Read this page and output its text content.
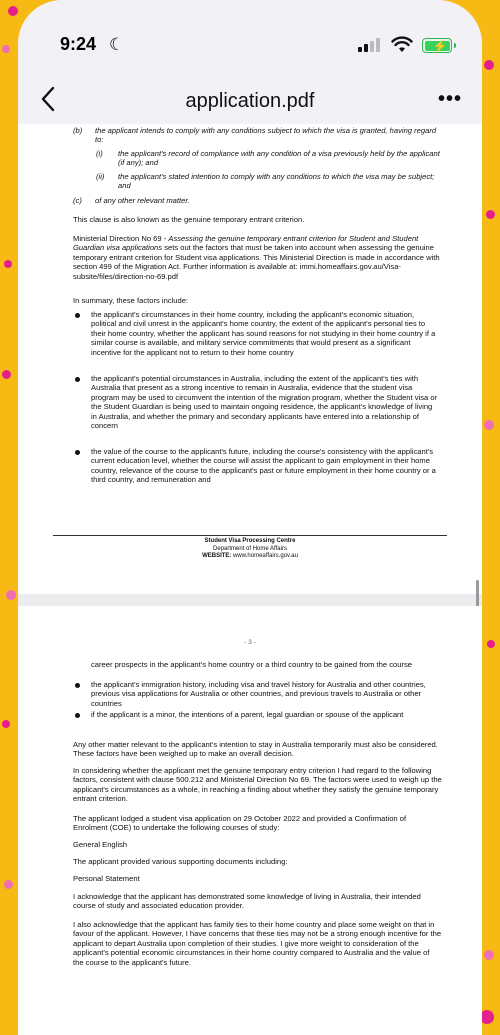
9:24 ☾	⚡
application.pdf	•••
(b) the applicant intends to comply with any conditions subject to which the visa is granted, having regard to:
(i) the applicant's record of compliance with any condition of a visa previously held by the applicant (if any); and
(ii) the applicant's stated intention to comply with any conditions to which the visa may be subject; and
(c) of any other relevant matter.
This clause is also known as the genuine temporary entrant criterion.
Ministerial Direction No 69 - Assessing the genuine temporary entrant criterion for Student and Student Guardian visa applications sets out the factors that must be taken into account when assessing the genuine temporary entrant criterion for Student visa applications. This Ministerial Direction is made in accordance with section 499 of the Migration Act. Further information is available at: immi.homeaffairs.gov.au/Visa-subsite/files/direction-no-69.pdf
In summary, these factors include:
the applicant's circumstances in their home country, including the applicant's economic situation, political and civil unrest in the applicant's home country, the extent of the applicant's personal ties to their home country, whether the applicant has sound reasons for not studying in their home country if a similar course is available, and military service commitments that would present as a significant incentive for the applicant not to return to their home country
the applicant's potential circumstances in Australia, including the extent of the applicant's ties with Australia that present as a strong incentive to remain in Australia, evidence that the student visa program may be used to circumvent the intention of the migration program, whether the Student visa or the Student Guardian is being used to maintain ongoing residence, the applicant's knowledge of living in Australia, and whether the primary and secondary applicants have entered into a relationship of concern
the value of the course to the applicant's future, including the course's consistency with the applicant's current education level, whether the course will assist the applicant to gain employment in their home country, relevance of the course to the applicant's past or future employment in their home country or a third country, and remuneration and
Student Visa Processing Centre
Department of Home Affairs
WEBSITE: www.homeaffairs.gov.au
- 3 -
career prospects in the applicant's home country or a third country to be gained from the course
the applicant's immigration history, including visa and travel history for Australia and other countries, previous visa applications for Australia or other countries, and previous travels to Australia or other countries
if the applicant is a minor, the intentions of a parent, legal guardian or spouse of the applicant
Any other matter relevant to the applicant's intention to stay in Australia temporarily must also be considered. These factors have been weighed up to make an overall decision.
In considering whether the applicant met the genuine temporary entry criterion I had regard to the following factors, consistent with clause 500.212 and Ministerial Direction No 69. The factors were used to weigh up the applicant's circumstances as a whole, in reaching a finding about whether they satisfy the genuine temporary entrant criterion.
The applicant lodged a student visa application on 29 October 2022 and provided a Confirmation of Enrolment (COE) to undertake the following courses of study:
General English
The applicant provided various supporting documents including:
Personal Statement
I acknowledge that the applicant has demonstrated some knowledge of living in Australia, their intended course of study and associated education provider.
I also acknowledge that the applicant has family ties to their home country and place some weight on that in favour of the applicant. However, I have concerns that these ties may not be a strong enough incentive for the applicant to depart Australia upon completion of their studies. I give more weight to consideration of the applicant's potential economic circumstances in their home country compared to Australia and the value of the course to the applicant's future.
